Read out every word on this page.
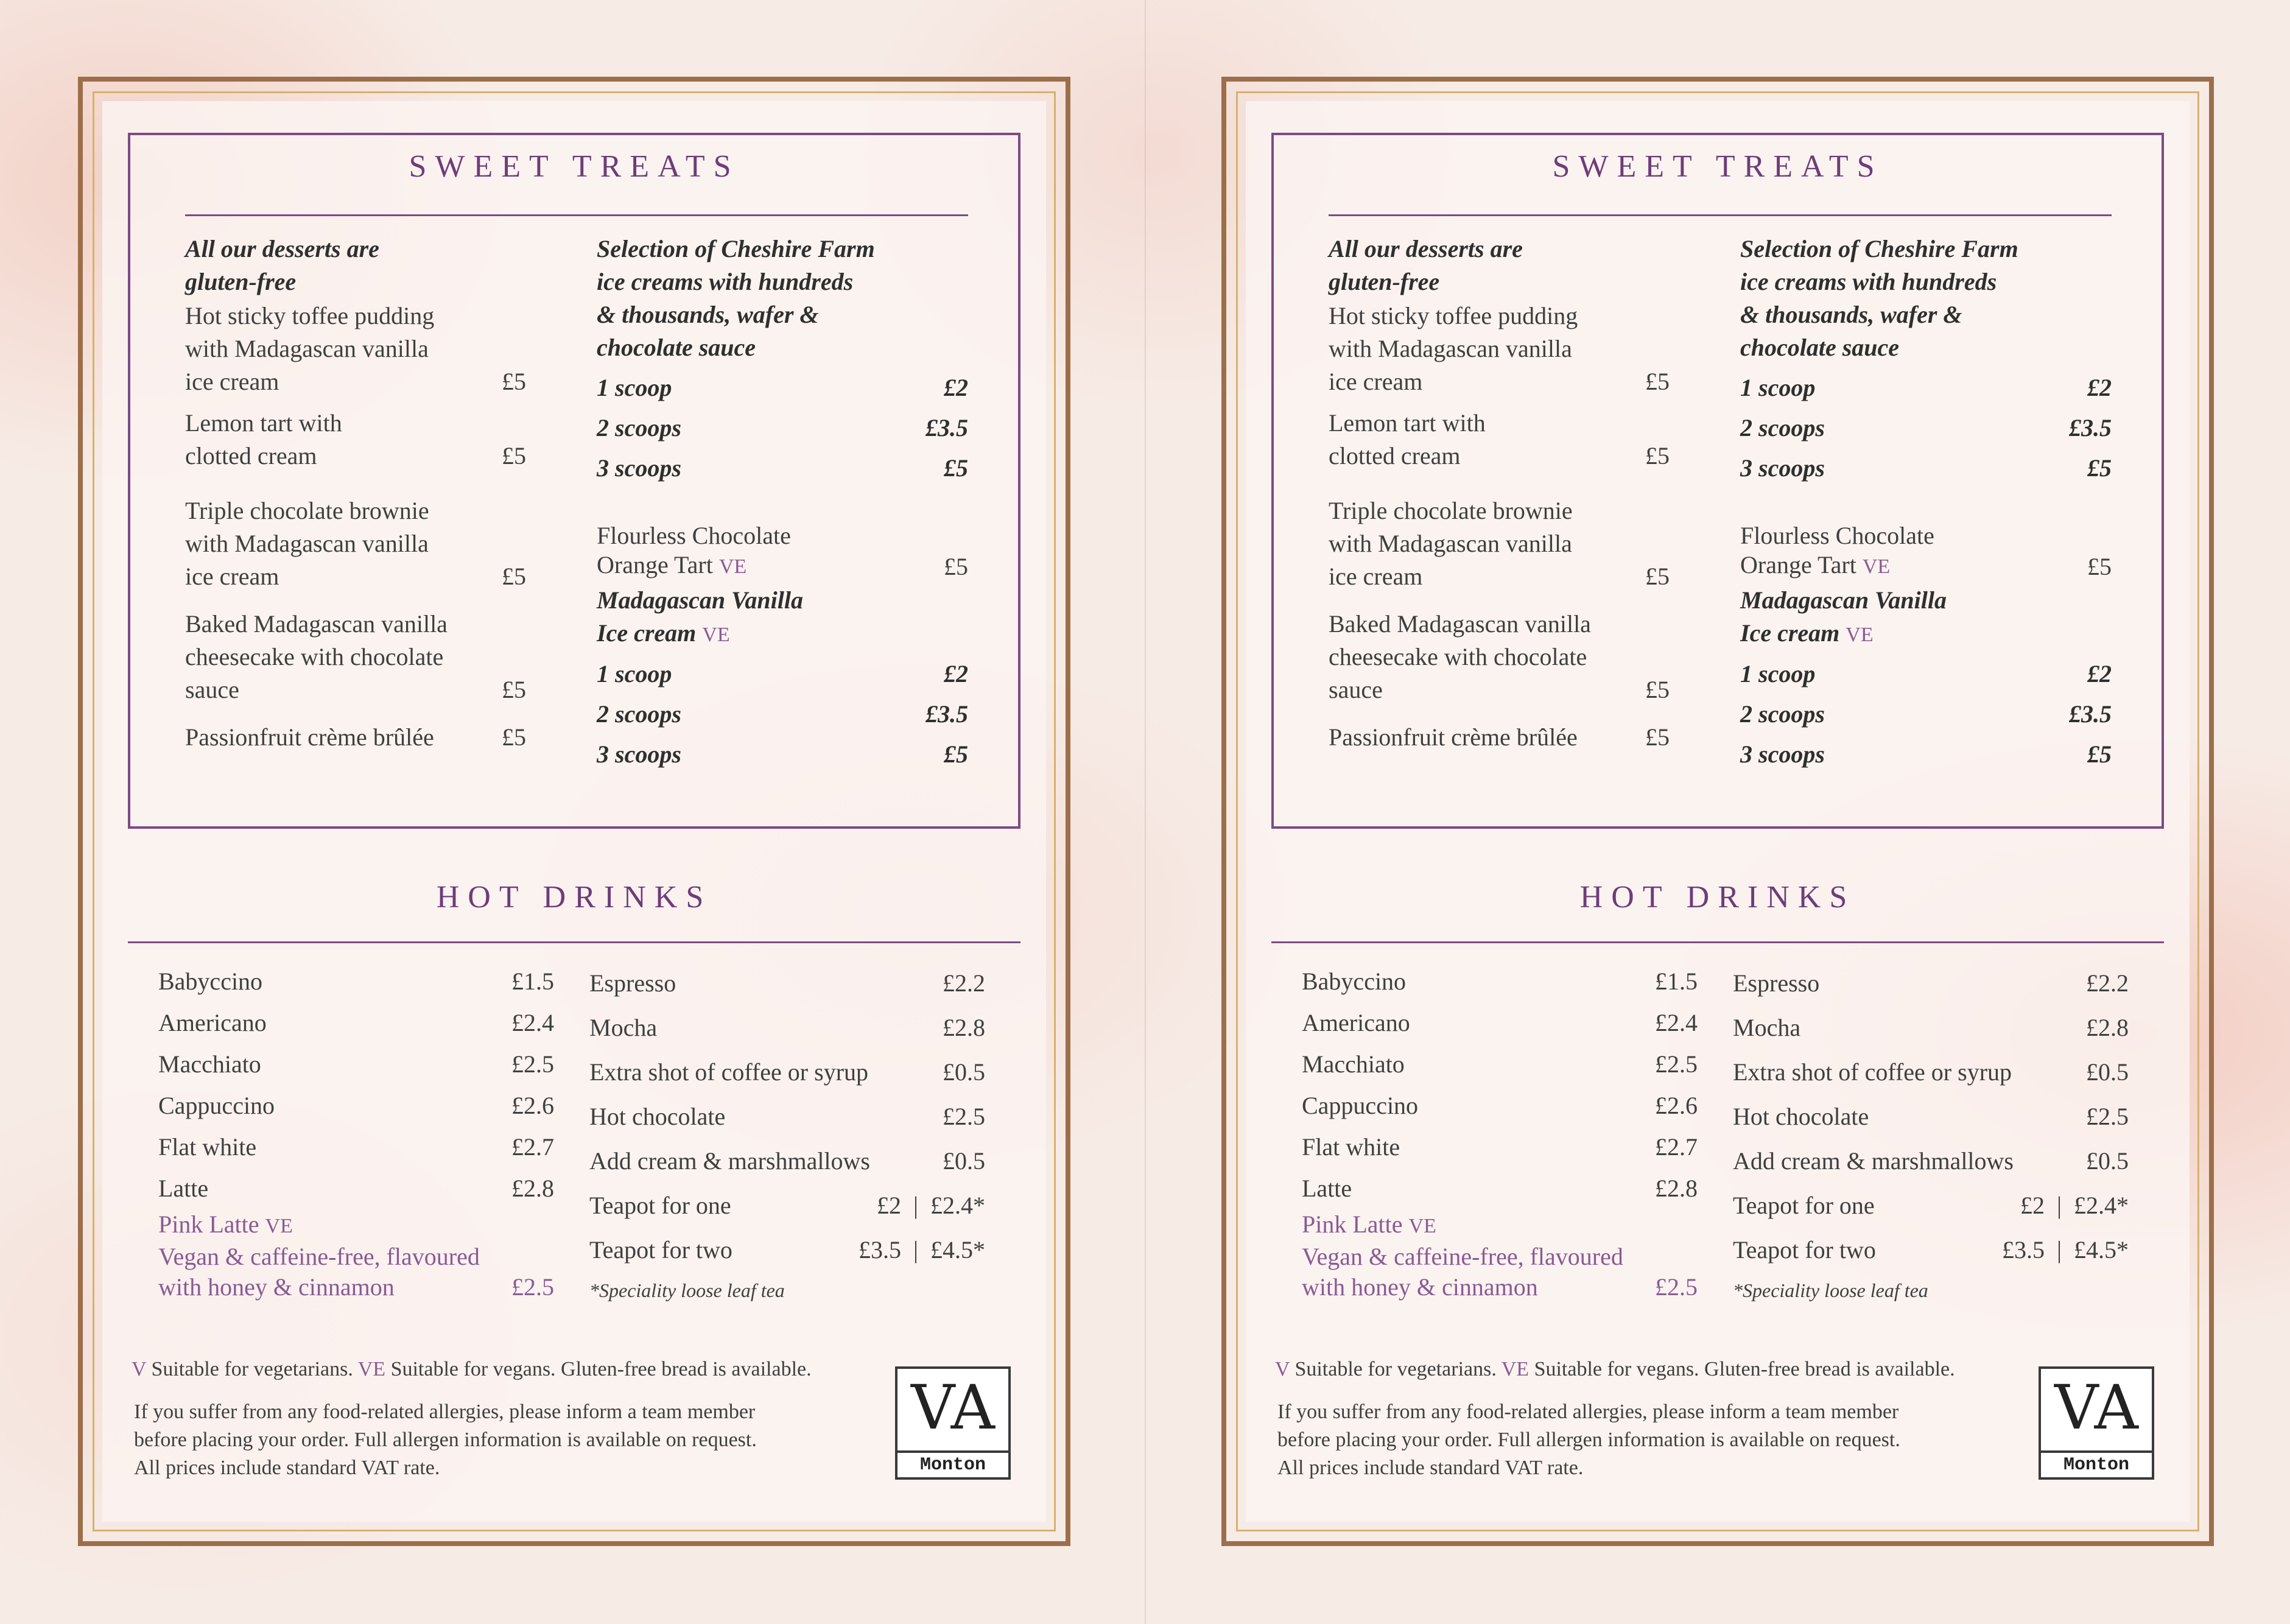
SWEET TREATS
All our desserts are
gluten-free
Hot sticky toffee pudding
with Madagascan vanilla
ice cream	£5
Lemon tart with
clotted cream	£5
Triple chocolate brownie
with Madagascan vanilla
ice cream	£5
Baked Madagascan vanilla
cheesecake with chocolate
sauce	£5
Passionfruit crème brûlée	£5
Selection of Cheshire Farm
ice creams with hundreds
& thousands, wafer &
chocolate sauce
1 scoop	£2
2 scoops	£3.5
3 scoops	£5
Flourless Chocolate
Orange Tart VE	£5
Madagascan Vanilla
Ice cream VE
1 scoop	£2
2 scoops	£3.5
3 scoops	£5
HOT DRINKS
Babyccino	£1.5
Americano	£2.4
Macchiato	£2.5
Cappuccino	£2.6
Flat white	£2.7
Latte	£2.8
Pink Latte VE
Vegan & caffeine-free, flavoured
with honey & cinnamon	£2.5
Espresso	£2.2
Mocha	£2.8
Extra shot of coffee or syrup	£0.5
Hot chocolate	£2.5
Add cream & marshmallows	£0.5
Teapot for one	£2  |  £2.4*
Teapot for two	£3.5  |  £4.5*
*Speciality loose leaf tea
V Suitable for vegetarians. VE Suitable for vegans. Gluten-free bread is available.
If you suffer from any food-related allergies, please inform a team member
before placing your order. Full allergen information is available on request.
All prices include standard VAT rate.
VA
Monton
SWEET TREATS
All our desserts are
gluten-free
Hot sticky toffee pudding
with Madagascan vanilla
ice cream	£5
Lemon tart with
clotted cream	£5
Triple chocolate brownie
with Madagascan vanilla
ice cream	£5
Baked Madagascan vanilla
cheesecake with chocolate
sauce	£5
Passionfruit crème brûlée	£5
Selection of Cheshire Farm
ice creams with hundreds
& thousands, wafer &
chocolate sauce
1 scoop	£2
2 scoops	£3.5
3 scoops	£5
Flourless Chocolate
Orange Tart VE	£5
Madagascan Vanilla
Ice cream VE
1 scoop	£2
2 scoops	£3.5
3 scoops	£5
HOT DRINKS
Babyccino	£1.5
Americano	£2.4
Macchiato	£2.5
Cappuccino	£2.6
Flat white	£2.7
Latte	£2.8
Pink Latte VE
Vegan & caffeine-free, flavoured
with honey & cinnamon	£2.5
Espresso	£2.2
Mocha	£2.8
Extra shot of coffee or syrup	£0.5
Hot chocolate	£2.5
Add cream & marshmallows	£0.5
Teapot for one	£2  |  £2.4*
Teapot for two	£3.5  |  £4.5*
*Speciality loose leaf tea
V Suitable for vegetarians. VE Suitable for vegans. Gluten-free bread is available.
If you suffer from any food-related allergies, please inform a team member
before placing your order. Full allergen information is available on request.
All prices include standard VAT rate.
VA
Monton
